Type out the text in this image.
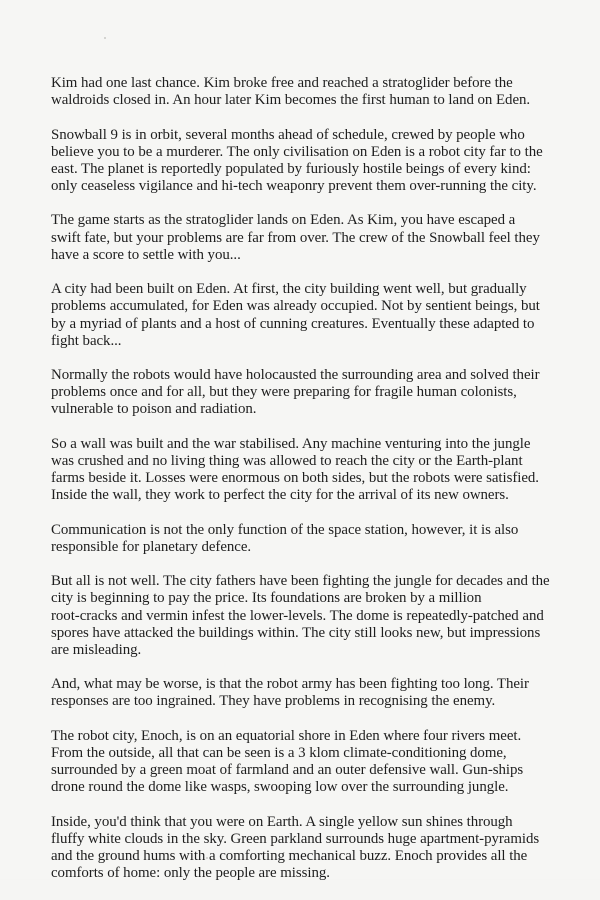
Kim had one last chance. Kim broke free and reached a stratoglider before the
waldroids closed in. An hour later Kim becomes the first human to land on Eden.

Snowball 9 is in orbit, several months ahead of schedule, crewed by people who
believe you to be a murderer. The only civilisation on Eden is a robot city far to the
east. The planet is reportedly populated by furiously hostile beings of every kind:
only ceaseless vigilance and hi-tech weaponry prevent them over-running the city.

The game starts as the stratoglider lands on Eden. As Kim, you have escaped a
swift fate, but your problems are far from over. The crew of the Snowball feel they
have a score to settle with you...

A city had been built on Eden. At first, the city building went well, but gradually
problems accumulated, for Eden was already occupied. Not by sentient beings, but
by a myriad of plants and a host of cunning creatures. Eventually these adapted to
fight back...

Normally the robots would have holocausted the surrounding area and solved their
problems once and for all, but they were preparing for fragile human colonists,
vulnerable to poison and radiation.

So a wall was built and the war stabilised. Any machine venturing into the jungle
was crushed and no living thing was allowed to reach the city or the Earth-plant
farms beside it. Losses were enormous on both sides, but the robots were satisfied.
Inside the wall, they work to perfect the city for the arrival of its new owners.

Communication is not the only function of the space station, however, it is also
responsible for planetary defence.

But all is not well. The city fathers have been fighting the jungle for decades and the
city is beginning to pay the price. Its foundations are broken by a million
root-cracks and vermin infest the lower-levels. The dome is repeatedly-patched and
spores have attacked the buildings within. The city still looks new, but impressions
are misleading.

And, what may be worse, is that the robot army has been fighting too long. Their
responses are too ingrained. They have problems in recognising the enemy.

The robot city, Enoch, is on an equatorial shore in Eden where four rivers meet.
From the outside, all that can be seen is a 3 klom climate-conditioning dome,
surrounded by a green moat of farmland and an outer defensive wall. Gun-ships
drone round the dome like wasps, swooping low over the surrounding jungle.

Inside, you'd think that you were on Earth. A single yellow sun shines through
fluffy white clouds in the sky. Green parkland surrounds huge apartment-pyramids
and the ground hums with a comforting mechanical buzz. Enoch provides all the
comforts of home: only the people are missing.
